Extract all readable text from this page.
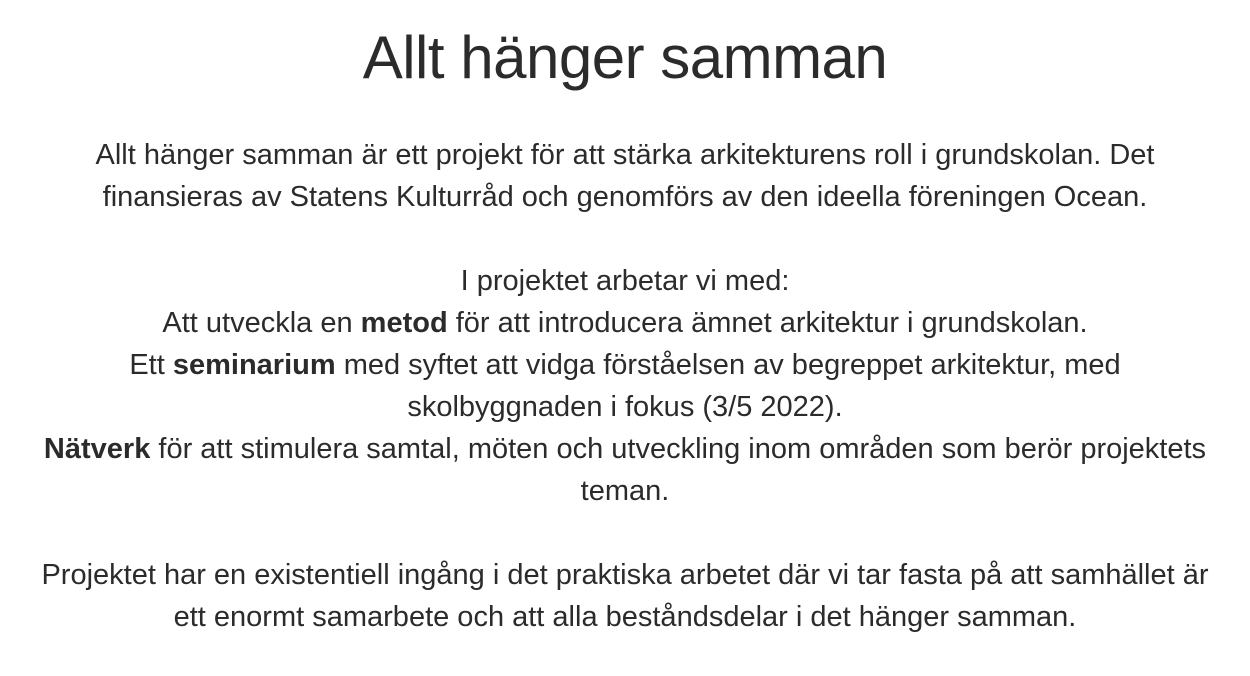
Allt hänger samman

Allt hänger samman är ett projekt för att stärka arkitekturens roll i grundskolan. Det finansieras av Statens Kulturråd och genomförs av den ideella föreningen Ocean.

I projektet arbetar vi med:

Att utveckla en metod för att introducera ämnet arkitektur i grundskolan.

Ett seminarium med syftet att vidga förståelsen av begreppet arkitektur, med skolbyggnaden i fokus (3/5 2022).

Nätverk för att stimulera samtal, möten och utveckling inom områden som berör projektets teman.

Projektet har en existentiell ingång i det praktiska arbetet där vi tar fasta på att samhället är ett enormt samarbete och att alla beståndsdelar i det hänger samman.
